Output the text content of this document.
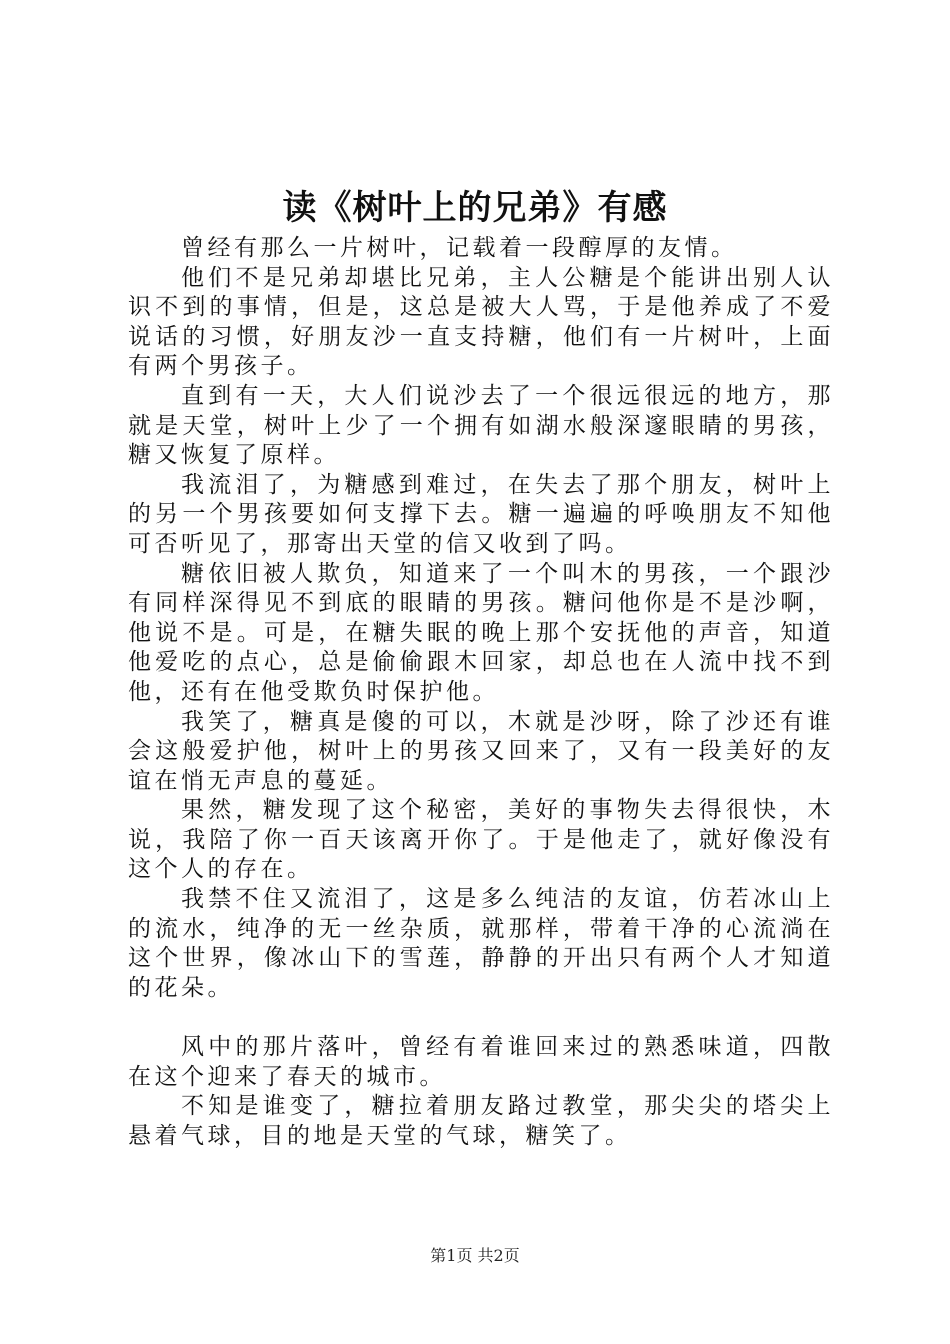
读《树叶上的兄弟》有感

曾经有那么一片树叶，记载着一段醇厚的友情。

他们不是兄弟却堪比兄弟，主人公糖是个能讲出别人认识不到的事情，但是，这总是被大人骂，于是他养成了不爱说话的习惯，好朋友沙一直支持糖，他们有一片树叶，上面有两个男孩子。

直到有一天，大人们说沙去了一个很远很远的地方，那就是天堂，树叶上少了一个拥有如湖水般深邃眼睛的男孩，糖又恢复了原样。

我流泪了，为糖感到难过，在失去了那个朋友，树叶上的另一个男孩要如何支撑下去。糖一遍遍的呼唤朋友不知他可否听见了，那寄出天堂的信又收到了吗。

糖依旧被人欺负，知道来了一个叫木的男孩，一个跟沙有同样深得见不到底的眼睛的男孩。糖问他你是不是沙啊，他说不是。可是，在糖失眠的晚上那个安抚他的声音，知道他爱吃的点心，总是偷偷跟木回家，却总也在人流中找不到他，还有在他受欺负时保护他。

我笑了，糖真是傻的可以，木就是沙呀，除了沙还有谁会这般爱护他，树叶上的男孩又回来了，又有一段美好的友谊在悄无声息的蔓延。

果然，糖发现了这个秘密，美好的事物失去得很快，木说，我陪了你一百天该离开你了。于是他走了，就好像没有这个人的存在。

我禁不住又流泪了，这是多么纯洁的友谊，仿若冰山上的流水，纯净的无一丝杂质，就那样，带着干净的心流淌在这个世界，像冰山下的雪莲，静静的开出只有两个人才知道的花朵。

风中的那片落叶，曾经有着谁回来过的熟悉味道，四散在这个迎来了春天的城市。

不知是谁变了，糖拉着朋友路过教堂，那尖尖的塔尖上悬着气球，目的地是天堂的气球，糖笑了。

第1页 共2页
